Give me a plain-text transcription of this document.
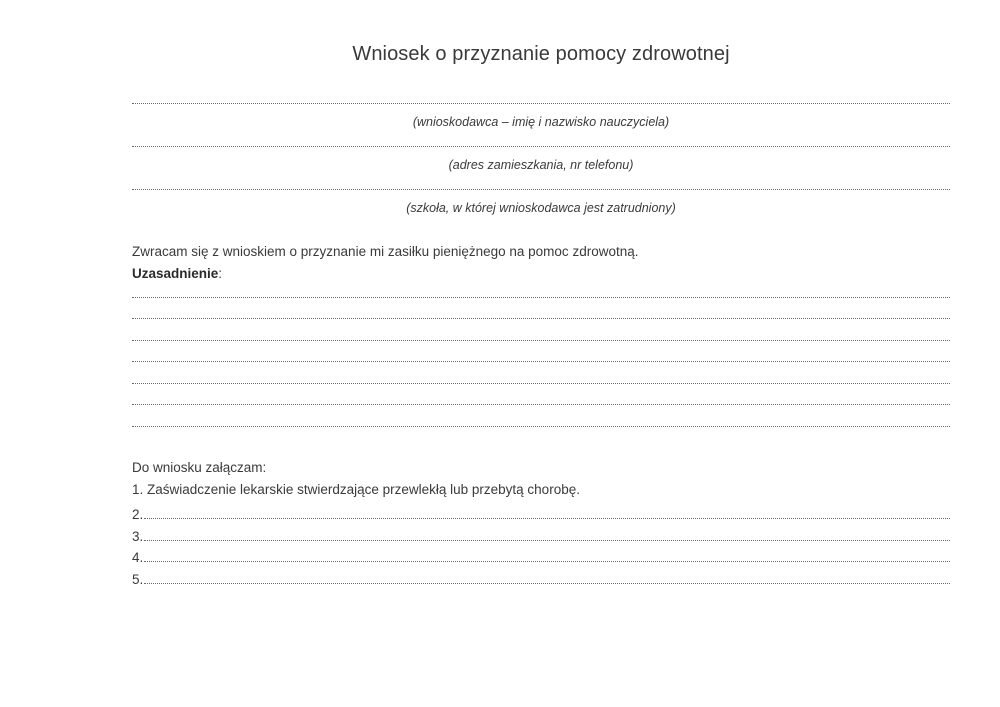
Wniosek o przyznanie pomocy zdrowotnej
(wnioskodawca – imię i nazwisko nauczyciela)
(adres zamieszkania, nr telefonu)
(szkoła, w której wnioskodawca jest zatrudniony)
Zwracam się z wnioskiem o przyznanie mi zasiłku pieniężnego na pomoc zdrowotną.
Uzasadnienie:
Do wniosku załączam:
1. Zaświadczenie lekarskie stwierdzające przewlekłą lub przebytą chorobę.
2.
3.
4.
5.
